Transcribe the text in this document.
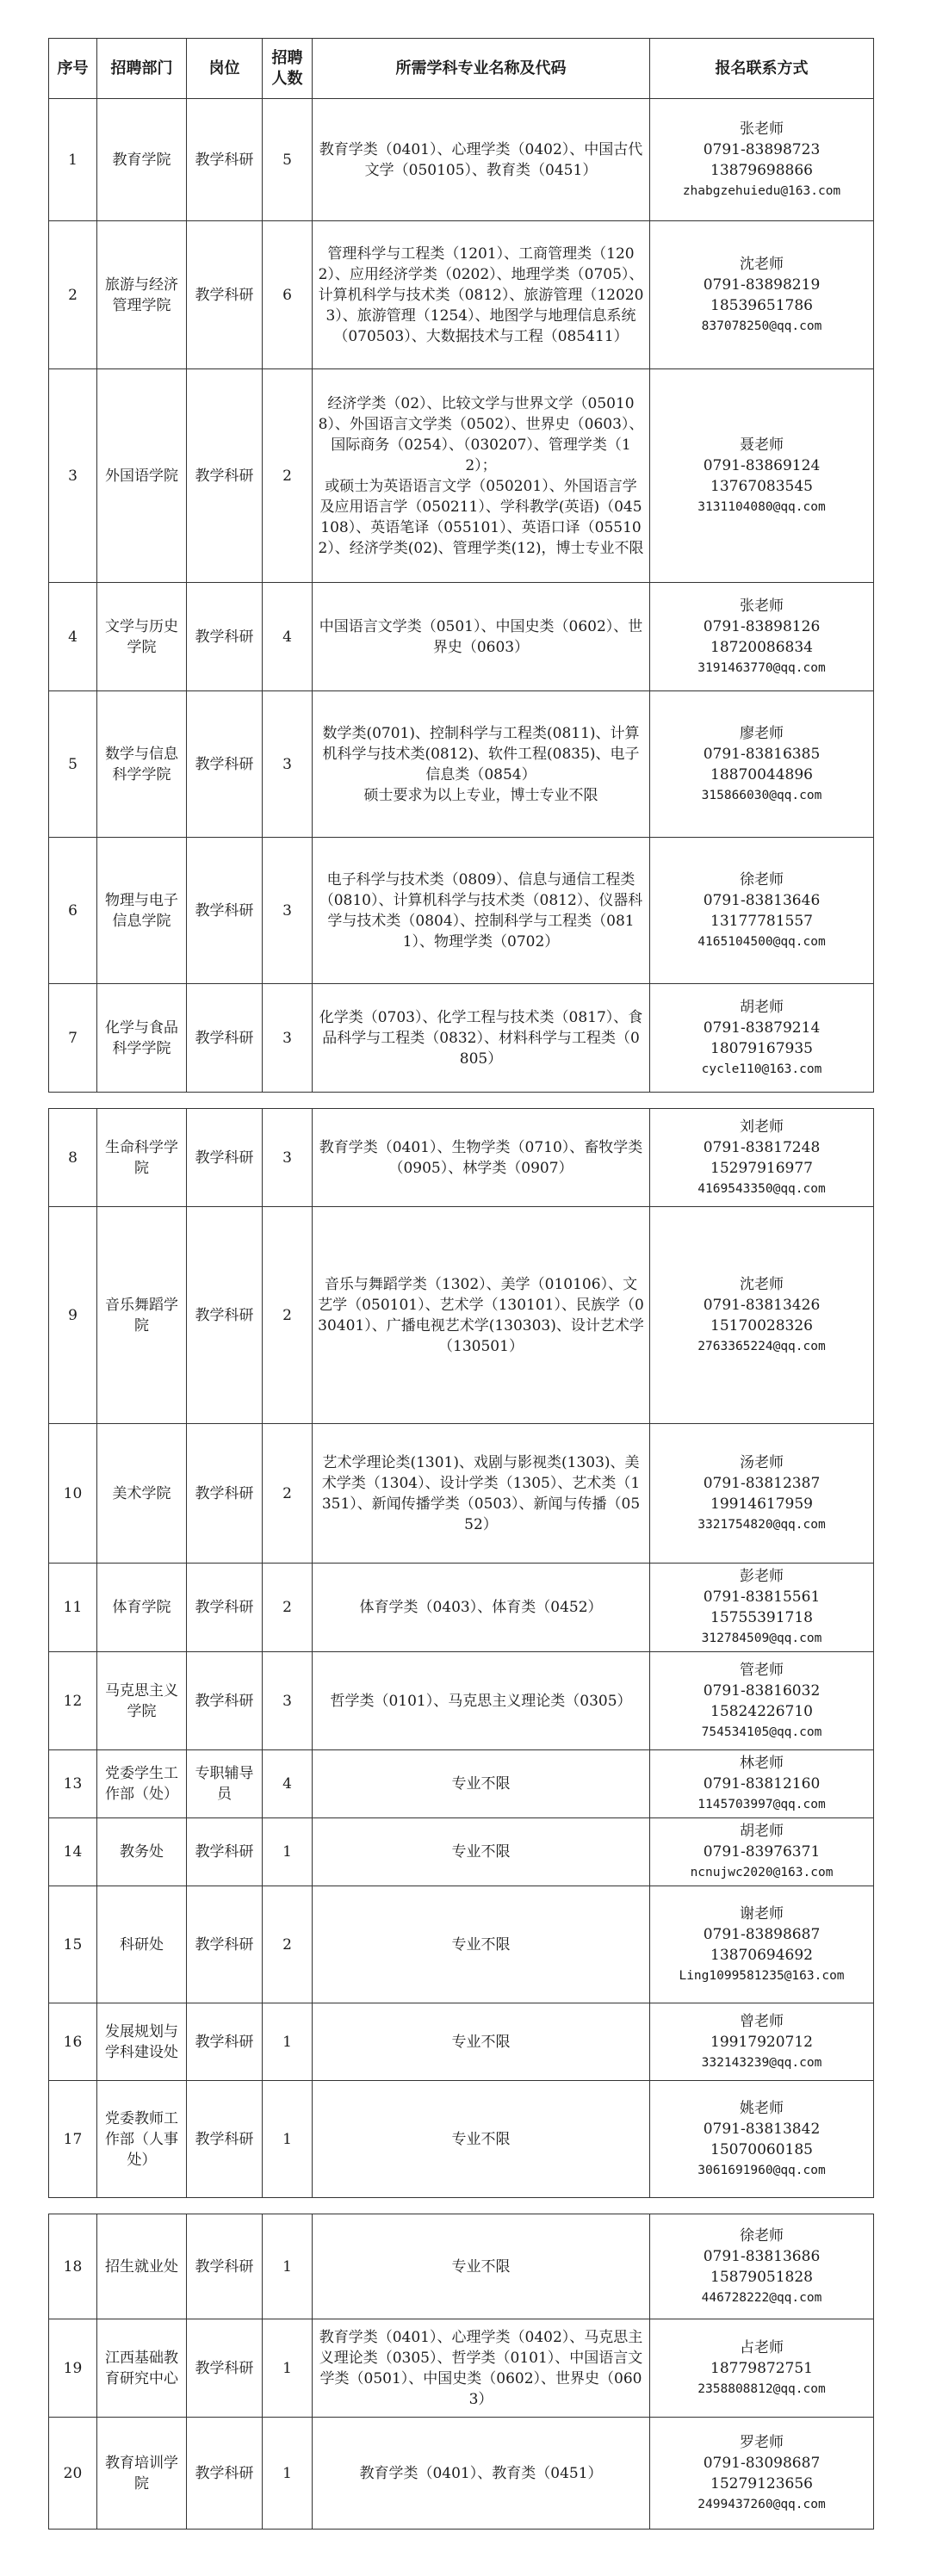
序号	招聘部门	岗位	招聘
人数	所需学科专业名称及代码	报名联系方式
1	教育学院	教学科研	5	教育学类（0401）、心理学类（0402）、中国古代文学（050105）、教育类（0451）	张老师
0791-83898723
13879698866
zhabgzehuiedu@163.com

2	旅游与经济管理学院	教学科研	6	管理科学与工程类（1201）、工商管理类（1202）、应用经济学类（0202）、地理学类（0705）、计算机科学与技术类（0812）、旅游管理（120203）、旅游管理（1254）、地图学与地理信息系统（070503）、大数据技术与工程（085411）	沈老师
0791-83898219
18539651786
837078250@qq.com

3	外国语学院	教学科研	2	经济学类（02）、比较文学与世界文学（050108）、外国语言文学类（0502）、世界史（0603）、国际商务（0254）、（030207）、管理学类（12）；
或硕士为英语语言文学（050201）、外国语言学及应用语言学（050211）、学科教学(英语)（045108）、英语笔译（055101）、英语口译（055102）、经济学类(02)、管理学类(12)，博士专业不限	聂老师
0791-83869124
13767083545
3131104080@qq.com

4	文学与历史学院	教学科研	4	中国语言文学类（0501）、中国史类（0602）、世界史（0603）	张老师
0791-83898126
18720086834
3191463770@qq.com

5	数学与信息科学学院	教学科研	3	数学类(0701)、控制科学与工程类(0811)、计算机科学与技术类(0812)、软件工程(0835)、电子信息类（0854）
硕士要求为以上专业，博士专业不限	廖老师
0791-83816385
18870044896
315866030@qq.com

6	物理与电子信息学院	教学科研	3	电子科学与技术类（0809）、信息与通信工程类（0810）、计算机科学与技术类（0812）、仪器科学与技术类（0804）、控制科学与工程类（0811）、物理学类（0702）	徐老师
0791-83813646
13177781557
4165104500@qq.com

7	化学与食品科学学院	教学科研	3	化学类（0703）、化学工程与技术类（0817）、食品科学与工程类（0832）、材料科学与工程类（0805）	胡老师
0791-83879214
18079167935
cycle110@163.com
8	生命科学学院	教学科研	3	教育学类（0401）、生物学类（0710）、畜牧学类（0905）、林学类（0907）	刘老师
0791-83817248
15297916977
4169543350@qq.com

9	音乐舞蹈学院	教学科研	2	音乐与舞蹈学类（1302）、美学（010106）、文艺学（050101）、艺术学（130101）、民族学（030401）、广播电视艺术学(130303)、设计艺术学（130501）	沈老师
0791-83813426
15170028326
2763365224@qq.com

10	美术学院	教学科研	2	艺术学理论类(1301)、戏剧与影视类(1303)、美术学类（1304）、设计学类（1305）、艺术类（1351）、新闻传播学类（0503）、新闻与传播（0552）	汤老师
0791-83812387
19914617959
3321754820@qq.com

11	体育学院	教学科研	2	体育学类（0403）、体育类（0452）	彭老师
0791-83815561
15755391718
312784509@qq.com

12	马克思主义学院	教学科研	3	哲学类（0101）、马克思主义理论类（0305）	管老师
0791-83816032
15824226710
754534105@qq.com

13	党委学生工作部（处）	专职辅导员	4	专业不限	林老师
0791-83812160
1145703997@qq.com

14	教务处	教学科研	1	专业不限	胡老师
0791-83976371
ncnujwc2020@163.com

15	科研处	教学科研	2	专业不限	谢老师
0791-83898687
13870694692
Ling1099581235@163.com

16	发展规划与学科建设处	教学科研	1	专业不限	曾老师
19917920712
332143239@qq.com

17	党委教师工作部（人事处）	教学科研	1	专业不限	姚老师
0791-83813842
15070060185
3061691960@qq.com
18	招生就业处	教学科研	1	专业不限	徐老师
0791-83813686
15879051828
446728222@qq.com

19	江西基础教育研究中心	教学科研	1	教育学类（0401）、心理学类（0402）、马克思主义理论类（0305）、哲学类（0101）、中国语言文学类（0501）、中国史类（0602）、世界史（0603）	占老师
18779872751
2358808812@qq.com

20	教育培训学院	教学科研	1	教育学类（0401）、教育类（0451）	罗老师
0791-83098687
15279123656
2499437260@qq.com
